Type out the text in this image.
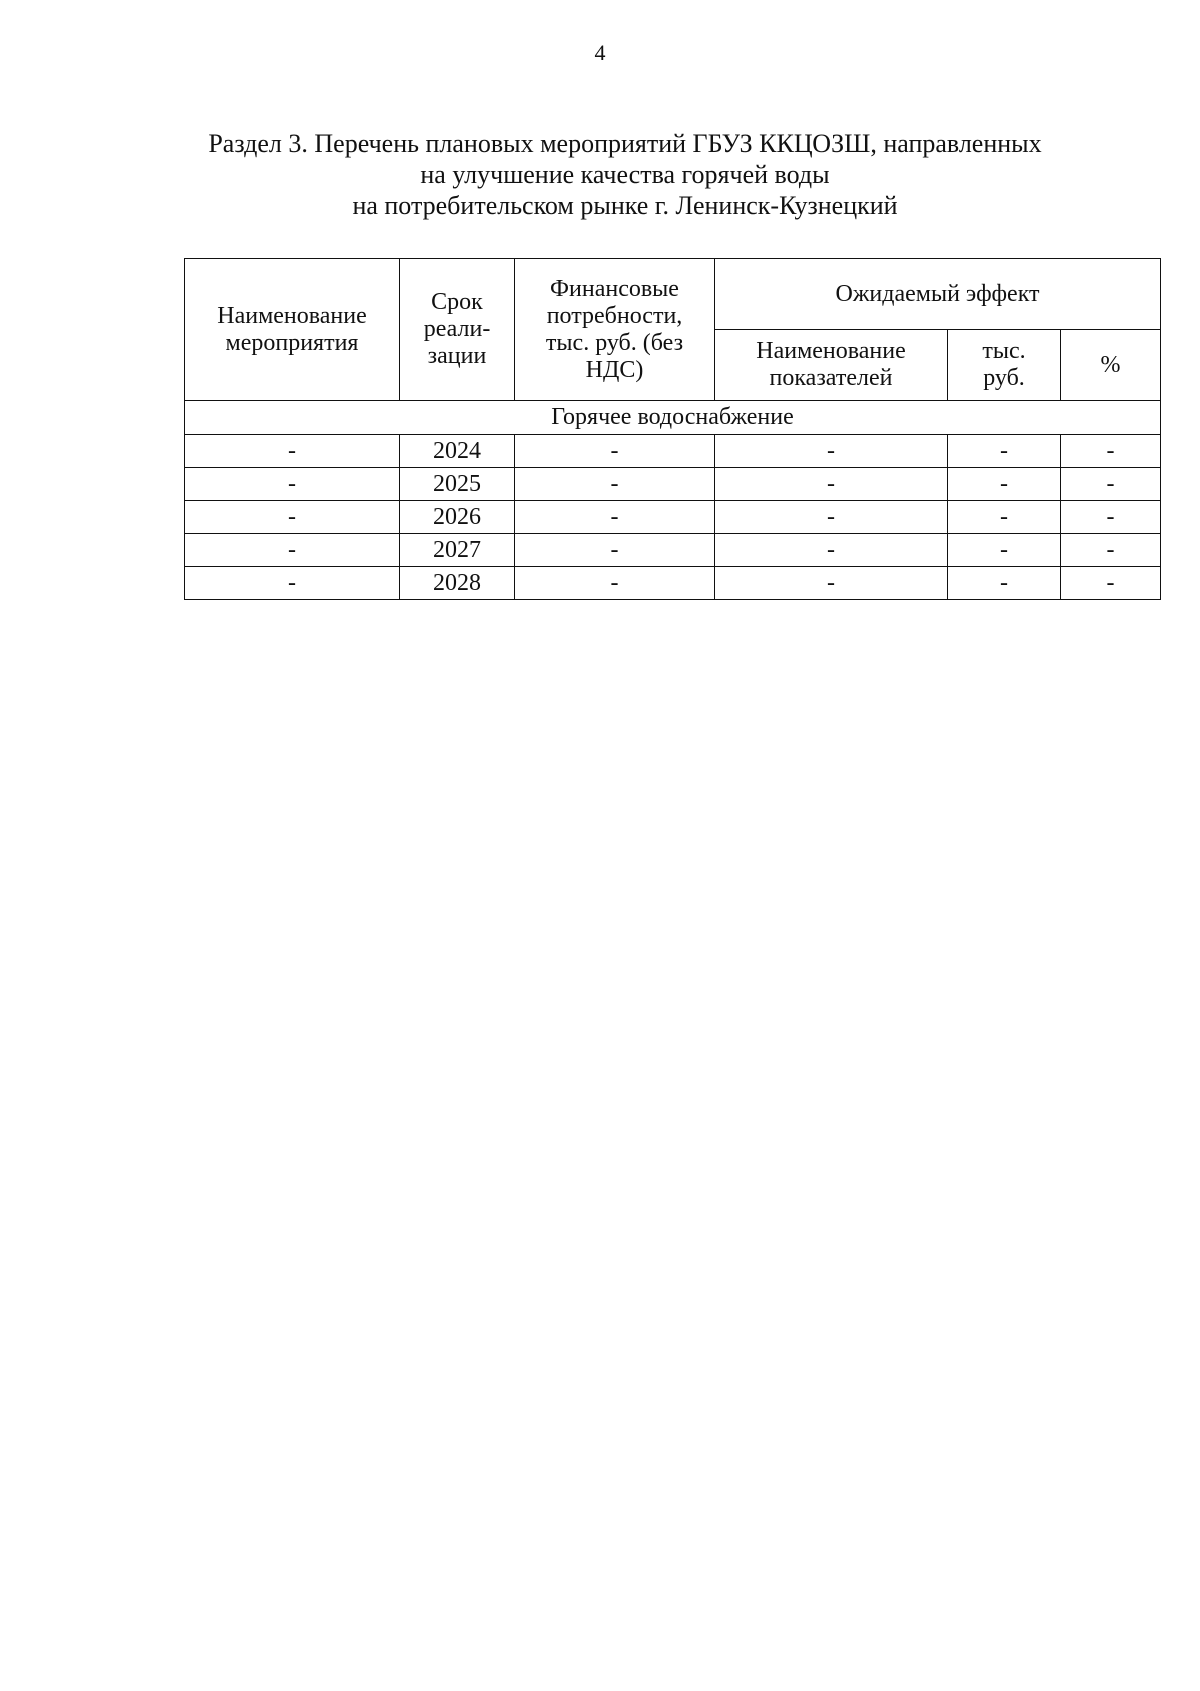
4
Раздел 3. Перечень плановых мероприятий ГБУЗ ККЦОЗШ, направленных
на улучшение качества горячей воды
на потребительском рынке г. Ленинск-Кузнецкий
Наименование мероприятия	Срок реали-зации	Финансовые потребности, тыс. руб. (без НДС)	Ожидаемый эффект		
			Наименование показателей	тыс. руб.	%
Горячее водоснабжение					
-	2024	-	-	-	-
-	2025	-	-	-	-
-	2026	-	-	-	-
-	2027	-	-	-	-
-	2028	-	-	-	-
